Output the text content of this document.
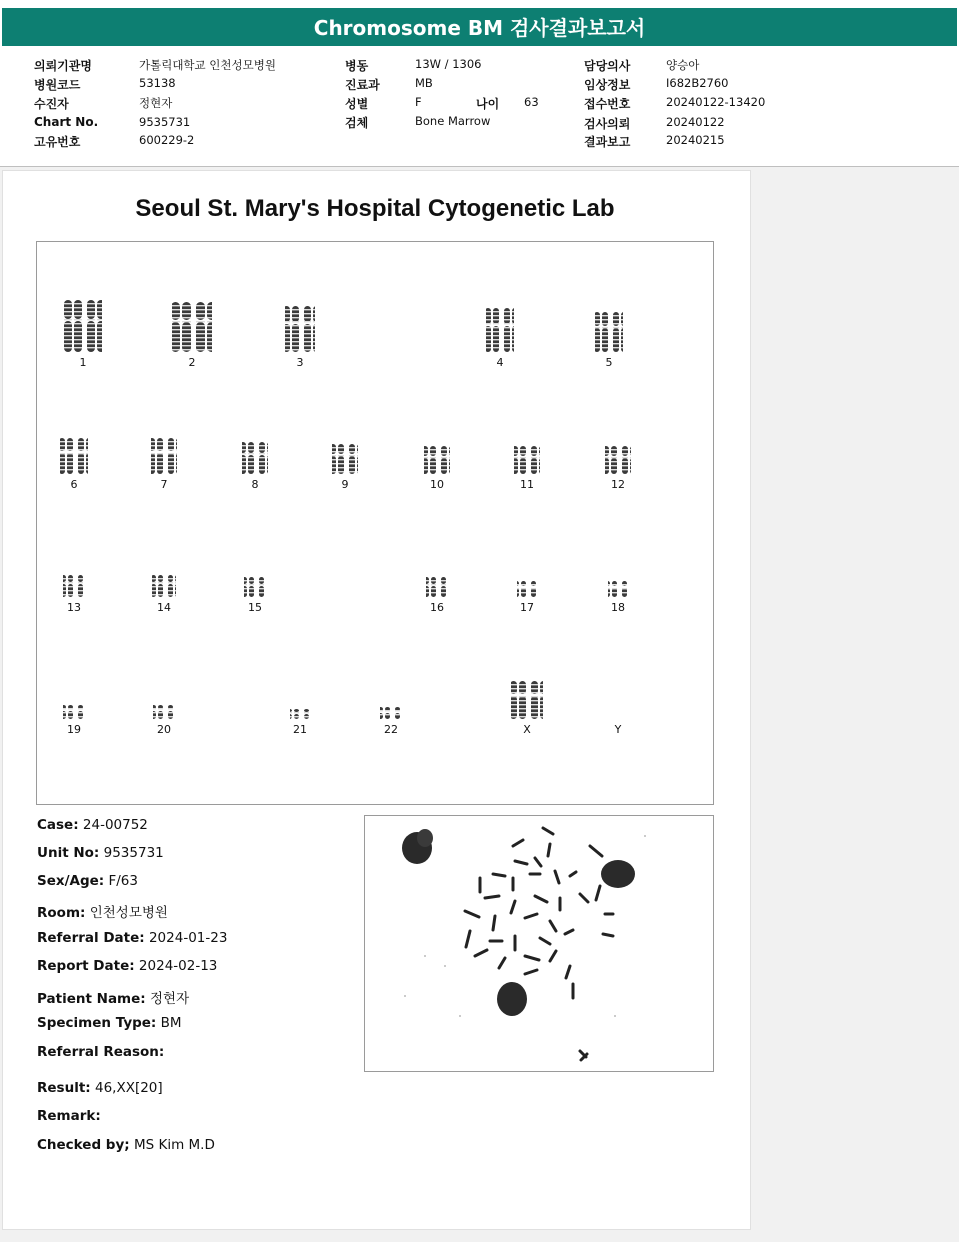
Chromosome BM 검사결과보고서
의뢰기관명	가톨릭대학교 인천성모병원
병원코드	53138
수진자	정현자
Chart No.	9535731
고유번호	600229-2
병동	13W / 1306
진료과	MB
성별	F	나이 63
검체	Bone Marrow
담당의사	양승아
임상정보	I682B2760
접수번호	20240122-13420
검사의뢰	20240122
결과보고	20240215
Seoul St. Mary's Hospital Cytogenetic Lab
1	2	3	4	5
6	7	8	9	10	11	12
13	14	15	16	17	18
19	20	21	22	X	Y
Case: 24-00752
Unit No: 9535731
Sex/Age: F/63
Room: 인천성모병원
Referral Date: 2024-01-23
Report Date: 2024-02-13
Patient Name: 정현자
Specimen Type: BM
Referral Reason:
Result: 46,XX[20]
Remark:
Checked by; MS Kim M.D
